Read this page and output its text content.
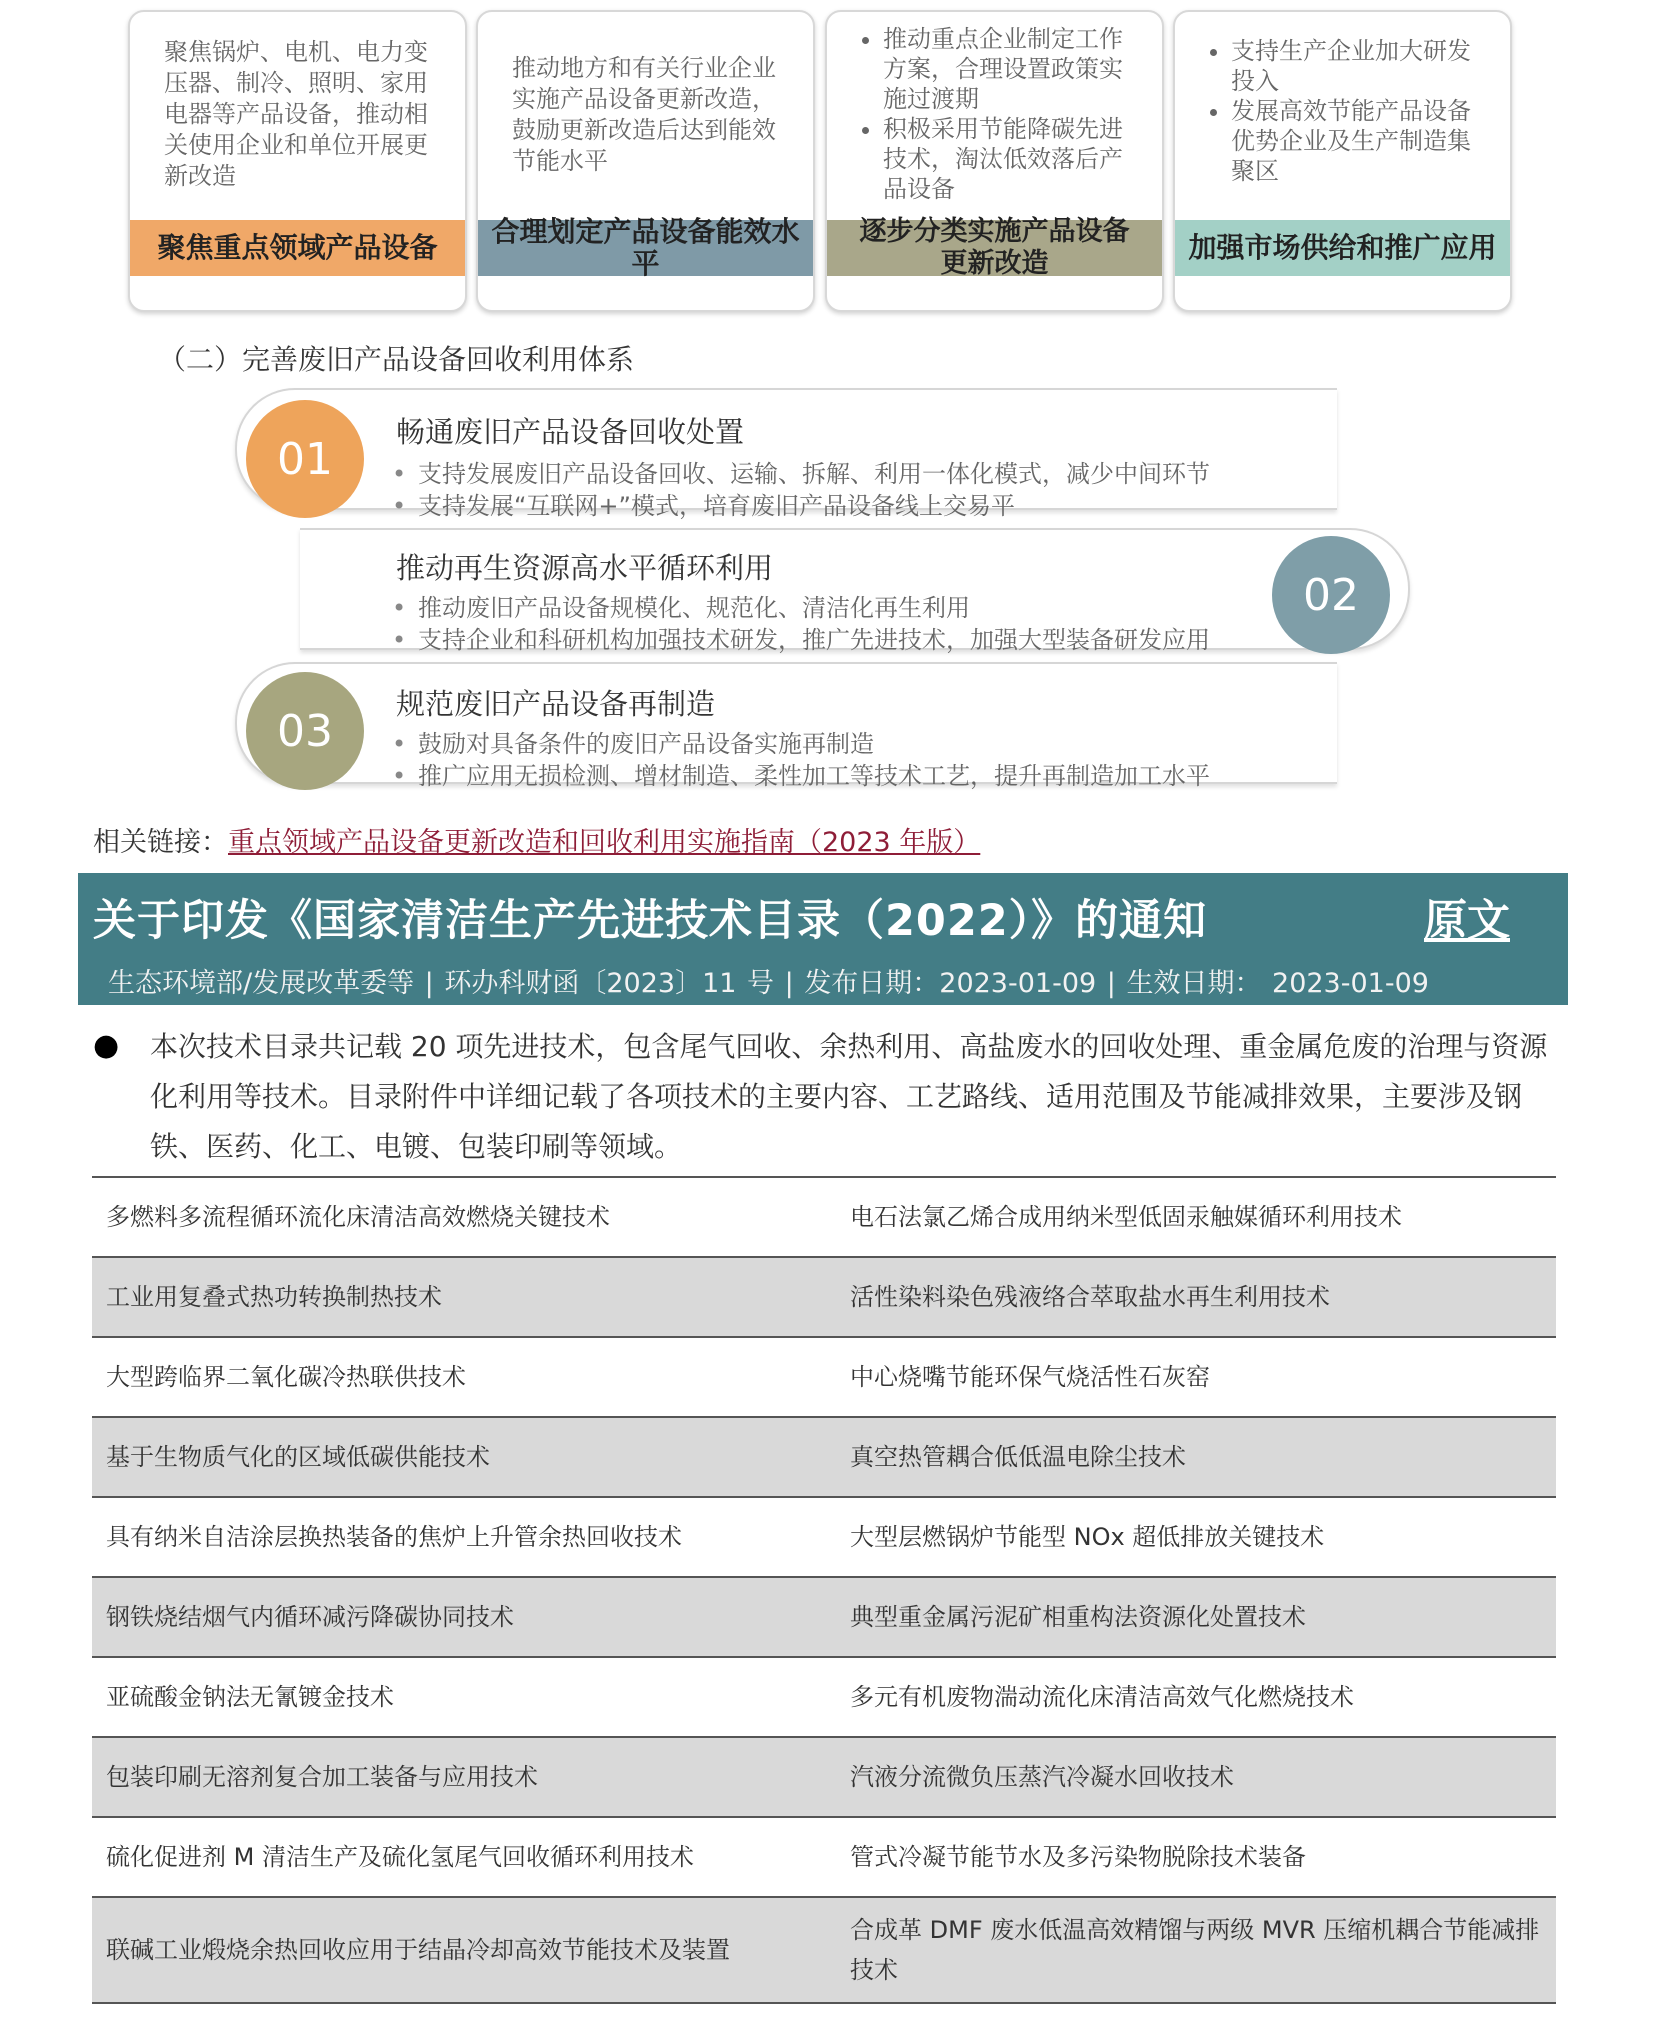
聚焦锅炉、电机、电力变压器、制冷、照明、家用电器等产品设备，推动相关使用企业和单位开展更新改造

聚焦重点领域产品设备

推动地方和有关行业企业实施产品设备更新改造，鼓励更新改造后达到能效节能水平

合理划定产品设备能效水平
• 推动重点企业制定工作方案，合理设置政策实施过渡期
• 积极采用节能降碳先进技术，淘汰低效落后产品设备
逐步分类实施产品设备更新改造
• 支持生产企业加大研发投入
• 发展高效节能产品设备优势企业及生产制造集聚区
加强市场供给和推广应用
（二）完善废旧产品设备回收利用体系
01
畅通废旧产品设备回收处置
• 支持发展废旧产品设备回收、运输、拆解、利用一体化模式，减少中间环节
• 支持发展“互联网+”模式，培育废旧产品设备线上交易平
02
推动再生资源高水平循环利用
• 推动废旧产品设备规模化、规范化、清洁化再生利用
• 支持企业和科研机构加强技术研发，推广先进技术，加强大型装备研发应用
03
规范废旧产品设备再制造
• 鼓励对具备条件的废旧产品设备实施再制造
• 推广应用无损检测、增材制造、柔性加工等技术工艺，提升再制造加工水平
相关链接：重点领域产品设备更新改造和回收利用实施指南（2023 年版）
关于印发《国家清洁生产先进技术目录（2022）》的通知	原文
生态环境部/发展改革委等 | 环办科财函〔2023〕11 号 | 发布日期：2023-01-09 | 生效日期： 2023-01-09
● 本次技术目录共记载 20 项先进技术，包含尾气回收、余热利用、高盐废水的回收处理、重金属危废的治理与资源化利用等技术。目录附件中详细记载了各项技术的主要内容、工艺路线、适用范围及节能减排效果，主要涉及钢铁、医药、化工、电镀、包装印刷等领域。
多燃料多流程循环流化床清洁高效燃烧关键技术	电石法氯乙烯合成用纳米型低固汞触媒循环利用技术
工业用复叠式热功转换制热技术	活性染料染色残液络合萃取盐水再生利用技术
大型跨临界二氧化碳冷热联供技术	中心烧嘴节能环保气烧活性石灰窑
基于生物质气化的区域低碳供能技术	真空热管耦合低低温电除尘技术
具有纳米自洁涂层换热装备的焦炉上升管余热回收技术	大型层燃锅炉节能型 NOx 超低排放关键技术
钢铁烧结烟气内循环减污降碳协同技术	典型重金属污泥矿相重构法资源化处置技术
亚硫酸金钠法无氰镀金技术	多元有机废物湍动流化床清洁高效气化燃烧技术
包装印刷无溶剂复合加工装备与应用技术	汽液分流微负压蒸汽冷凝水回收技术
硫化促进剂 M 清洁生产及硫化氢尾气回收循环利用技术	管式冷凝节能节水及多污染物脱除技术装备
联碱工业煅烧余热回收应用于结晶冷却高效节能技术及装置	合成革 DMF 废水低温高效精馏与两级 MVR 压缩机耦合节能减排技术
